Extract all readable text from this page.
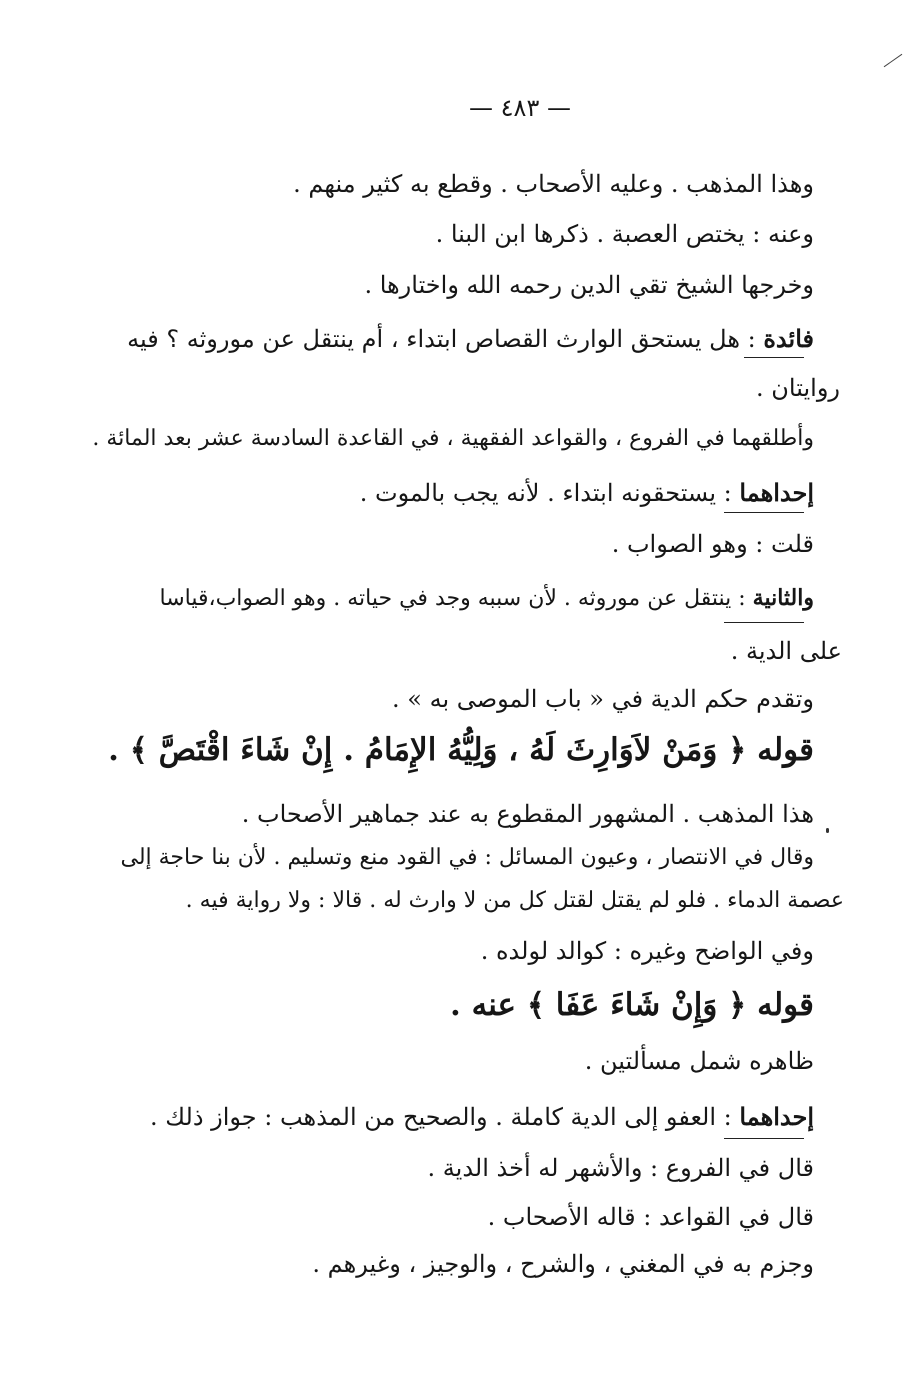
— ٤٨٣ —
وهذا المذهب . وعليه الأصحاب . وقطع به كثير منهم .
وعنه : يختص العصبة . ذكرها ابن البنا .
وخرجها الشيخ تقي الدين رحمه الله واختارها .
فائدة : هل يستحق الوارث القصاص ابتداء ، أم ينتقل عن موروثه ؟ فيه
روايتان .
وأطلقهما في الفروع ، والقواعد الفقهية ، في القاعدة السادسة عشر بعد المائة .
إحداهما : يستحقونه ابتداء . لأنه يجب بالموت .
قلت : وهو الصواب .
والثانية : ينتقل عن موروثه . لأن سببه وجد في حياته . وهو الصواب،قياسا
على الدية .
وتقدم حكم الدية في « باب الموصى به » .
قوله ﴿ وَمَنْ لاَوَارِثَ لَهُ ، وَلِيُّهُ الإِمَامُ . إِنْ شَاءَ اقْتَصَّ ﴾ .
هذا المذهب . المشهور المقطوع به عند جماهير الأصحاب .
وقال في الانتصار ، وعيون المسائل : في القود منع وتسليم . لأن بنا حاجة إلى
عصمة الدماء . فلو لم يقتل لقتل كل من لا وارث له . قالا : ولا رواية فيه .
وفي الواضح وغيره : كوالد لولده .
قوله ﴿ وَإِنْ شَاءَ عَفَا ﴾ عنه .
ظاهره شمل مسألتين .
إحداهما : العفو إلى الدية كاملة . والصحيح من المذهب : جواز ذلك .
قال في الفروع : والأشهر له أخذ الدية .
قال في القواعد : قاله الأصحاب .
وجزم به في المغني ، والشرح ، والوجيز ، وغيرهم .
